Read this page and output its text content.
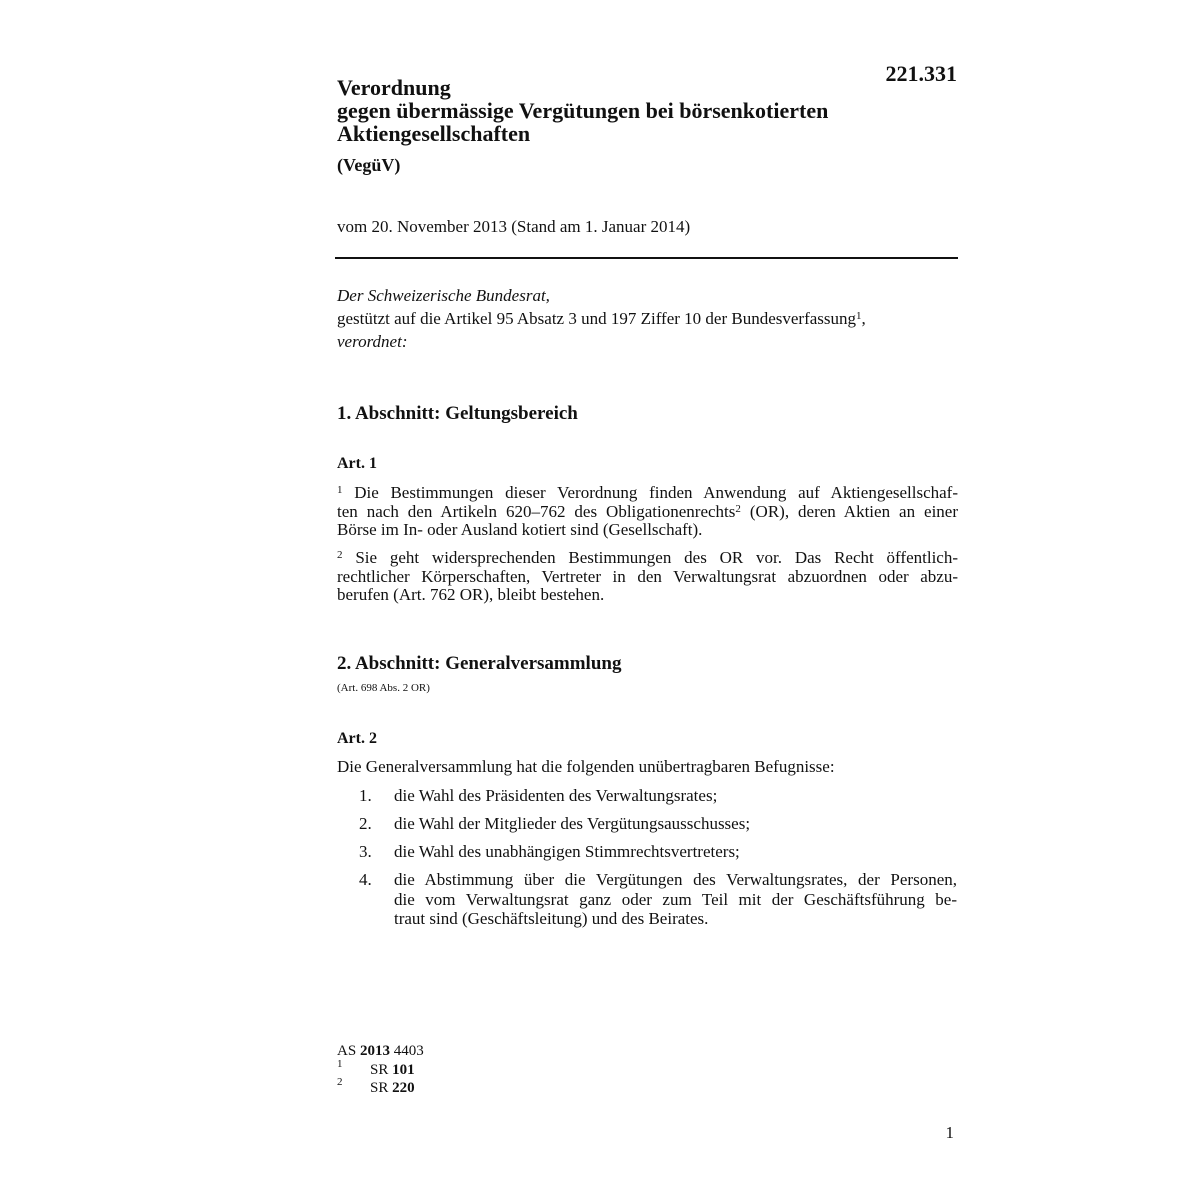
221.331
Verordnung
gegen übermässige Vergütungen bei börsenkotierten
Aktiengesellschaften
(VegüV)
vom 20. November 2013 (Stand am 1. Januar 2014)
Der Schweizerische Bundesrat,
gestützt auf die Artikel 95 Absatz 3 und 197 Ziffer 10 der Bundesverfassung$^1$,
verordnet:
1. Abschnitt: Geltungsbereich
Art. 1
$^1$ Die Bestimmungen dieser Verordnung finden Anwendung auf Aktiengesellschaf-
ten nach den Artikeln 620–762 des Obligationenrechts$^2$ (OR), deren Aktien an einer
Börse im In- oder Ausland kotiert sind (Gesellschaft).
$^2$ Sie geht widersprechenden Bestimmungen des OR vor. Das Recht öffentlich-
rechtlicher Körperschaften, Vertreter in den Verwaltungsrat abzuordnen oder abzu-
berufen (Art. 762 OR), bleibt bestehen.
2. Abschnitt: Generalversammlung
(Art. 698 Abs. 2 OR)
Art. 2
Die Generalversammlung hat die folgenden unübertragbaren Befugnisse:
1. die Wahl des Präsidenten des Verwaltungsrates;
2. die Wahl der Mitglieder des Vergütungsausschusses;
3. die Wahl des unabhängigen Stimmrechtsvertreters;
4. die Abstimmung über die Vergütungen des Verwaltungsrates, der Personen,
die vom Verwaltungsrat ganz oder zum Teil mit der Geschäftsführung be-
traut sind (Geschäftsleitung) und des Beirates.
AS 2013 4403
$^1$ SR 101
$^2$ SR 220
1
